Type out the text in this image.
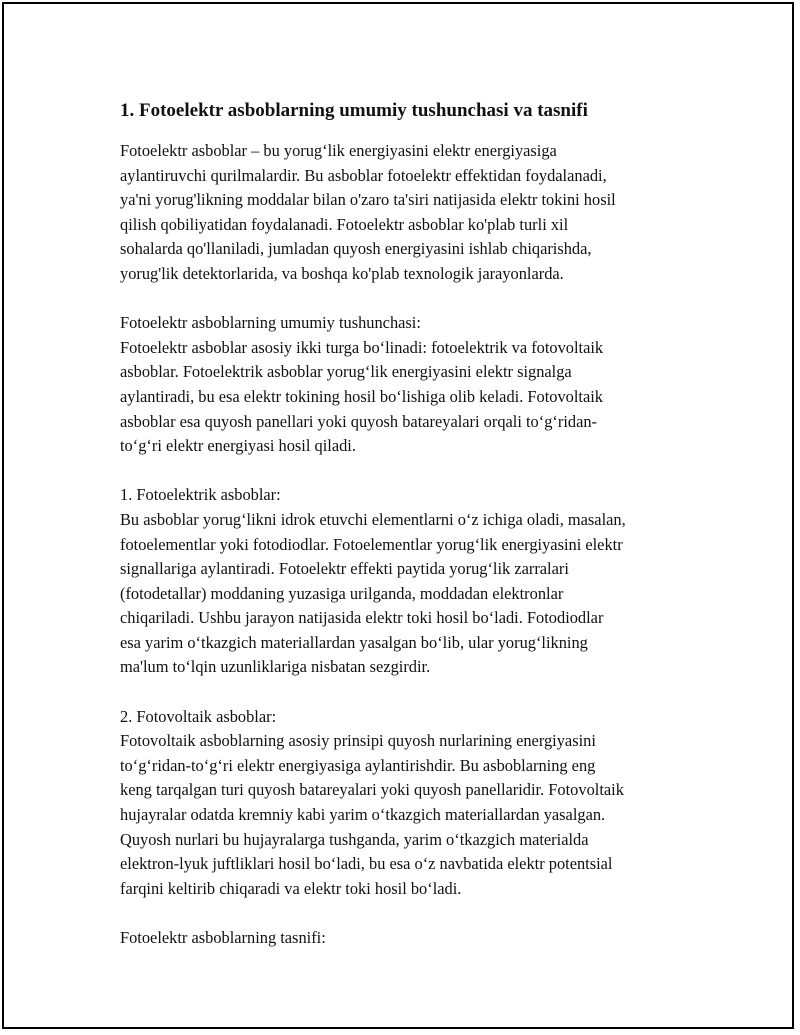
1. Fotoelektr asboblarning umumiy tushunchasi va tasnifi
Fotoelektr asboblar – bu yorug‘lik energiyasini elektr energiyasiga
aylantiruvchi qurilmalardir. Bu asboblar fotoelektr effektidan foydalanadi,
ya'ni yorug'likning moddalar bilan o'zaro ta'siri natijasida elektr tokini hosil
qilish qobiliyatidan foydalanadi. Fotoelektr asboblar ko'plab turli xil
sohalarda qo'llaniladi, jumladan quyosh energiyasini ishlab chiqarishda,
yorug'lik detektorlarida, va boshqa ko'plab texnologik jarayonlarda.
Fotoelektr asboblarning umumiy tushunchasi:
Fotoelektr asboblar asosiy ikki turga bo‘linadi: fotoelektrik va fotovoltaik
asboblar. Fotoelektrik asboblar yorug‘lik energiyasini elektr signalga
aylantiradi, bu esa elektr tokining hosil bo‘lishiga olib keladi. Fotovoltaik
asboblar esa quyosh panellari yoki quyosh batareyalari orqali to‘g‘ridan-
to‘g‘ri elektr energiyasi hosil qiladi.
1. Fotoelektrik asboblar:
Bu asboblar yorug‘likni idrok etuvchi elementlarni o‘z ichiga oladi, masalan,
fotoelementlar yoki fotodiodlar. Fotoelementlar yorug‘lik energiyasini elektr
signallariga aylantiradi. Fotoelektr effekti paytida yorug‘lik zarralari
(fotodetallar) moddaning yuzasiga urilganda, moddadan elektronlar
chiqariladi. Ushbu jarayon natijasida elektr toki hosil bo‘ladi. Fotodiodlar
esa yarim o‘tkazgich materiallardan yasalgan bo‘lib, ular yorug‘likning
ma'lum to‘lqin uzunliklariga nisbatan sezgirdir.
2. Fotovoltaik asboblar:
Fotovoltaik asboblarning asosiy prinsipi quyosh nurlarining energiyasini
to‘g‘ridan-to‘g‘ri elektr energiyasiga aylantirishdir. Bu asboblarning eng
keng tarqalgan turi quyosh batareyalari yoki quyosh panellaridir. Fotovoltaik
hujayralar odatda kremniy kabi yarim o‘tkazgich materiallardan yasalgan.
Quyosh nurlari bu hujayralarga tushganda, yarim o‘tkazgich materialda
elektron-lyuk juftliklari hosil bo‘ladi, bu esa o‘z navbatida elektr potentsial
farqini keltirib chiqaradi va elektr toki hosil bo‘ladi.
Fotoelektr asboblarning tasnifi:
